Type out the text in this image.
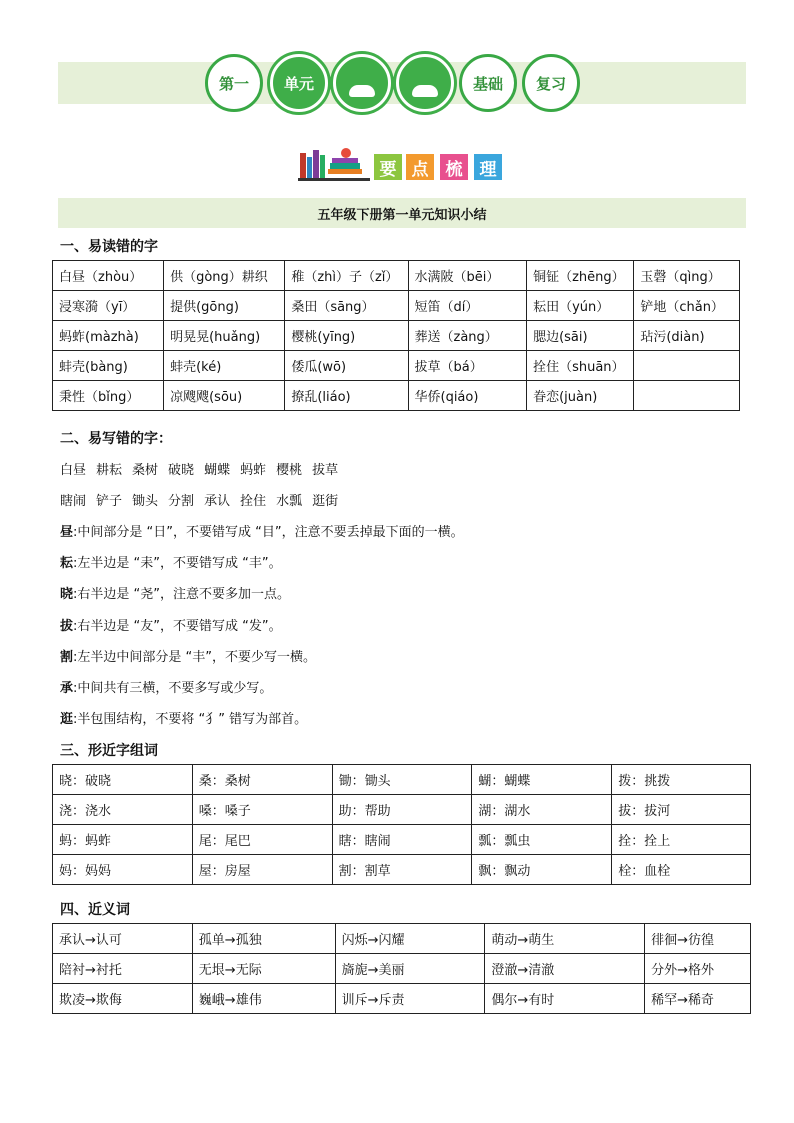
第一 单元	基础 复习
要 点	梳	理
五年级下册第一单元知识小结
一、易读错的字
白昼（zhòu）	供（gòng）耕织	稚（zhì）子（zǐ）	水满陂（bēi）	铜钲（zhēng）	玉磬（qìng）
浸寒漪（yī）	提供(gōng)	桑田（sāng）	短笛（dí）	耘田（yún）	铲地（chǎn）
蚂蚱(màzhà)	明晃晃(huǎng)	樱桃(yīng)	葬送（zàng）	腮边(sāi)	玷污(diàn)
蚌壳(bàng)	蚌壳(ké)	倭瓜(wō)	拔草（bá）	拴住（shuān）	
秉性（bǐng）	凉飕飕(sōu)	撩乱(liáo)	华侨(qiáo)	眷恋(juàn)	
二、易写错的字：
白昼 耕耘 桑树 破晓 蝴蝶 蚂蚱 樱桃 拔草
瞎闹 铲子 锄头 分割 承认 拴住 水瓢 逛街
昼:中间部分是 “日”，不要错写成 “目”，注意不要丢掉最下面的一横。
耘:左半边是 “耒”，不要错写成 “丰”。
晓:右半边是 “尧”，注意不要多加一点。
拔:右半边是 “友”，不要错写成 “发”。
割:左半边中间部分是 “丰”，不要少写一横。
承:中间共有三横，不要多写或少写。
逛:半包围结构，不要将 “犭” 错写为部首。
三、形近字组词
晓：破晓	桑：桑树	锄：锄头	蝴：蝴蝶	拨：挑拨
浇：浇水	嗓：嗓子	助：帮助	湖：湖水	拔：拔河
蚂：蚂蚱	尾：尾巴	瞎：瞎闹	瓢：瓢虫	拴：拴上
妈：妈妈	屋：房屋	割：割草	飘：飘动	栓：血栓
四、近义词
承认→认可	孤单→孤独	闪烁→闪耀	萌动→萌生	徘徊→彷徨
陪衬→衬托	无垠→无际	旖旎→美丽	澄澈→清澈	分外→格外
欺凌→欺侮	巍峨→雄伟	训斥→斥责	偶尔→有时	稀罕→稀奇
